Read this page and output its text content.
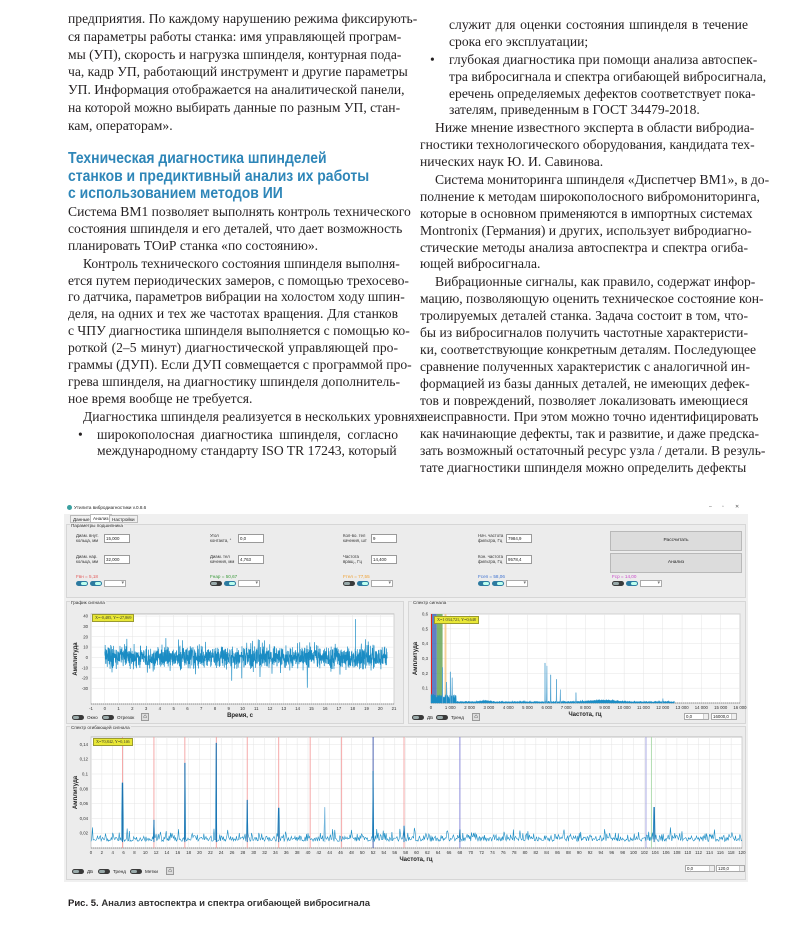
предприятия. По каждому нарушению режима фиксирують-
ся параметры работы станка: имя управляющей програм-
мы (УП), скорость и нагрузка шпинделя, контурная пода-
ча, кадр УП, работающий инструмент и другие параметры
УП. Информация отображается на аналитической панели,
на которой можно выбирать данные по разным УП, стан-
кам, операторам».
Техническая диагностика шпинделей
станков и предиктивный анализ их работы
с использованием методов ИИ
Система ВМ1 позволяет выполнять контроль технического
состояния шпинделя и его деталей, что дает возможность
планировать ТОиР станка «по состоянию».
Контроль технического состояния шпинделя выполня-
ется путем периодических замеров, с помощью трехосево-
го датчика, параметров вибрации на холостом ходу шпин-
деля, на одних и тех же частотах вращения. Для станков
с ЧПУ диагностика шпинделя выполняется с помощью ко-
роткой (2–5 минут) диагностической управляющей про-
граммы (ДУП). Если ДУП совмещается с программой про-
грева шпинделя, на диагностику шпинделя дополнитель-
ное время вообще не требуется.
Диагностика шпинделя реализуется в нескольких уровнях:
• широкополосная диагностика шпинделя, согласно
международному стандарту ISO TR 17243, который
служит для оценки состояния шпинделя в течение
срока его эксплуатации;
• глубокая диагностика при помощи анализа автоспек-
тра вибросигнала и спектра огибающей вибросигнала,
еречень определяемых дефектов соответствует пока-
зателям, приведенным в ГОСТ 34479-2018.
Ниже мнение известного эксперта в области вибродиа-
гностики технологического оборудования, кандидата тех-
нических наук Ю. И. Савинова.
Система мониторинга шпинделя «Диспетчер ВМ1», в до-
полнение к методам широкополосного вибромониторинга,
которые в основном применяются в импортных системах
Montronix (Германия) и других, использует вибродиагно-
стические методы анализа автоспектра и спектра огиба-
ющей вибросигнала.
Вибрационные сигналы, как правило, содержат инфор-
мацию, позволяющую оценить техническое состояние кон-
тролируемых деталей станка. Задача состоит в том, что-
бы из вибросигналов получить частотные характеристи-
ки, соответствующие конкретным деталям. Последующее
сравнение полученных характеристик с аналогичной ин-
формацией из базы данных деталей, не имеющих дефек-
тов и повреждений, позволяет локализовать имеющиеся
неисправности. При этом можно точно идентифицировать
как начинающие дефекты, так и развитие, и даже предска-
зать возможный остаточный ресурс узла / детали. В резуль-
тате диагностики шпинделя можно определить дефекты
Утилита вибродиагностики v.0.8.6	– ▫ ✕
Данные Анализ Настройки
Параметры подшипника
Рассчитать
Анализ
График сигнала	Спектр сигнала
Спектр огибающей сигнала
Окно	Отрезок	⌂	ДБ	Тренд	⌂	0,0	16000,0
ДБ	Тренд	Метки	⌂	0,0	120,0
Диам. внут. кольца, мм	15,000
Угол контакта, °	0,0
Кол-во. тел качения, шт	9
Нач. частота фильтра, Гц	7984,9
Диам. нар. кольца, мм	32,000
Диам. тел качения, мм	4,763
Частота вращ., Гц	14,400
Кон. частота фильтра, Гц	9578,4
Fвн = 5,18
▾	Fнар = 50,67
▾	Fтел = 77,55
▾	Fсеп = 58,06
▾	Fср = 14,00
▾
-1 0	1	2	3	4	5	6	7	8	9 10 11 12 13 14 15 16 17 18 19 20 21
40
30
20
10
0
-10
-20
-30
Амплитуда
Время, с
0	1 000 2 000 3 000 4 000 5 000 6 000 7 000 8 000 9 000 10 000 11 000 12 000 13 000 14 000 15 000 16 000
0,1
0,2
0,3
0,4
0,5
0,6
Амплитуда
Частота, гц
0 2 4 6 8 10 12 14 16 18 20 22 24 26 28 30 32 34 36 38 40 42 44 46 48 50 52 54 56 58 60 62 64 66 68 70 72 74 76 78 80 82 84 86 88 90 92 94 96 98 100 102 104 106 108 110 112 114 116 118 120
0,02
0,04
0,06
0,08
0,1
0,12
0,14
Амплитуда
Частота, гц
X=-0,485, Y=-27,869	X=1 034,721, Y=0,648
X=70,842, Y=0,146
Рис. 5. Анализ автоспектра и спектра огибающей вибросигнала
